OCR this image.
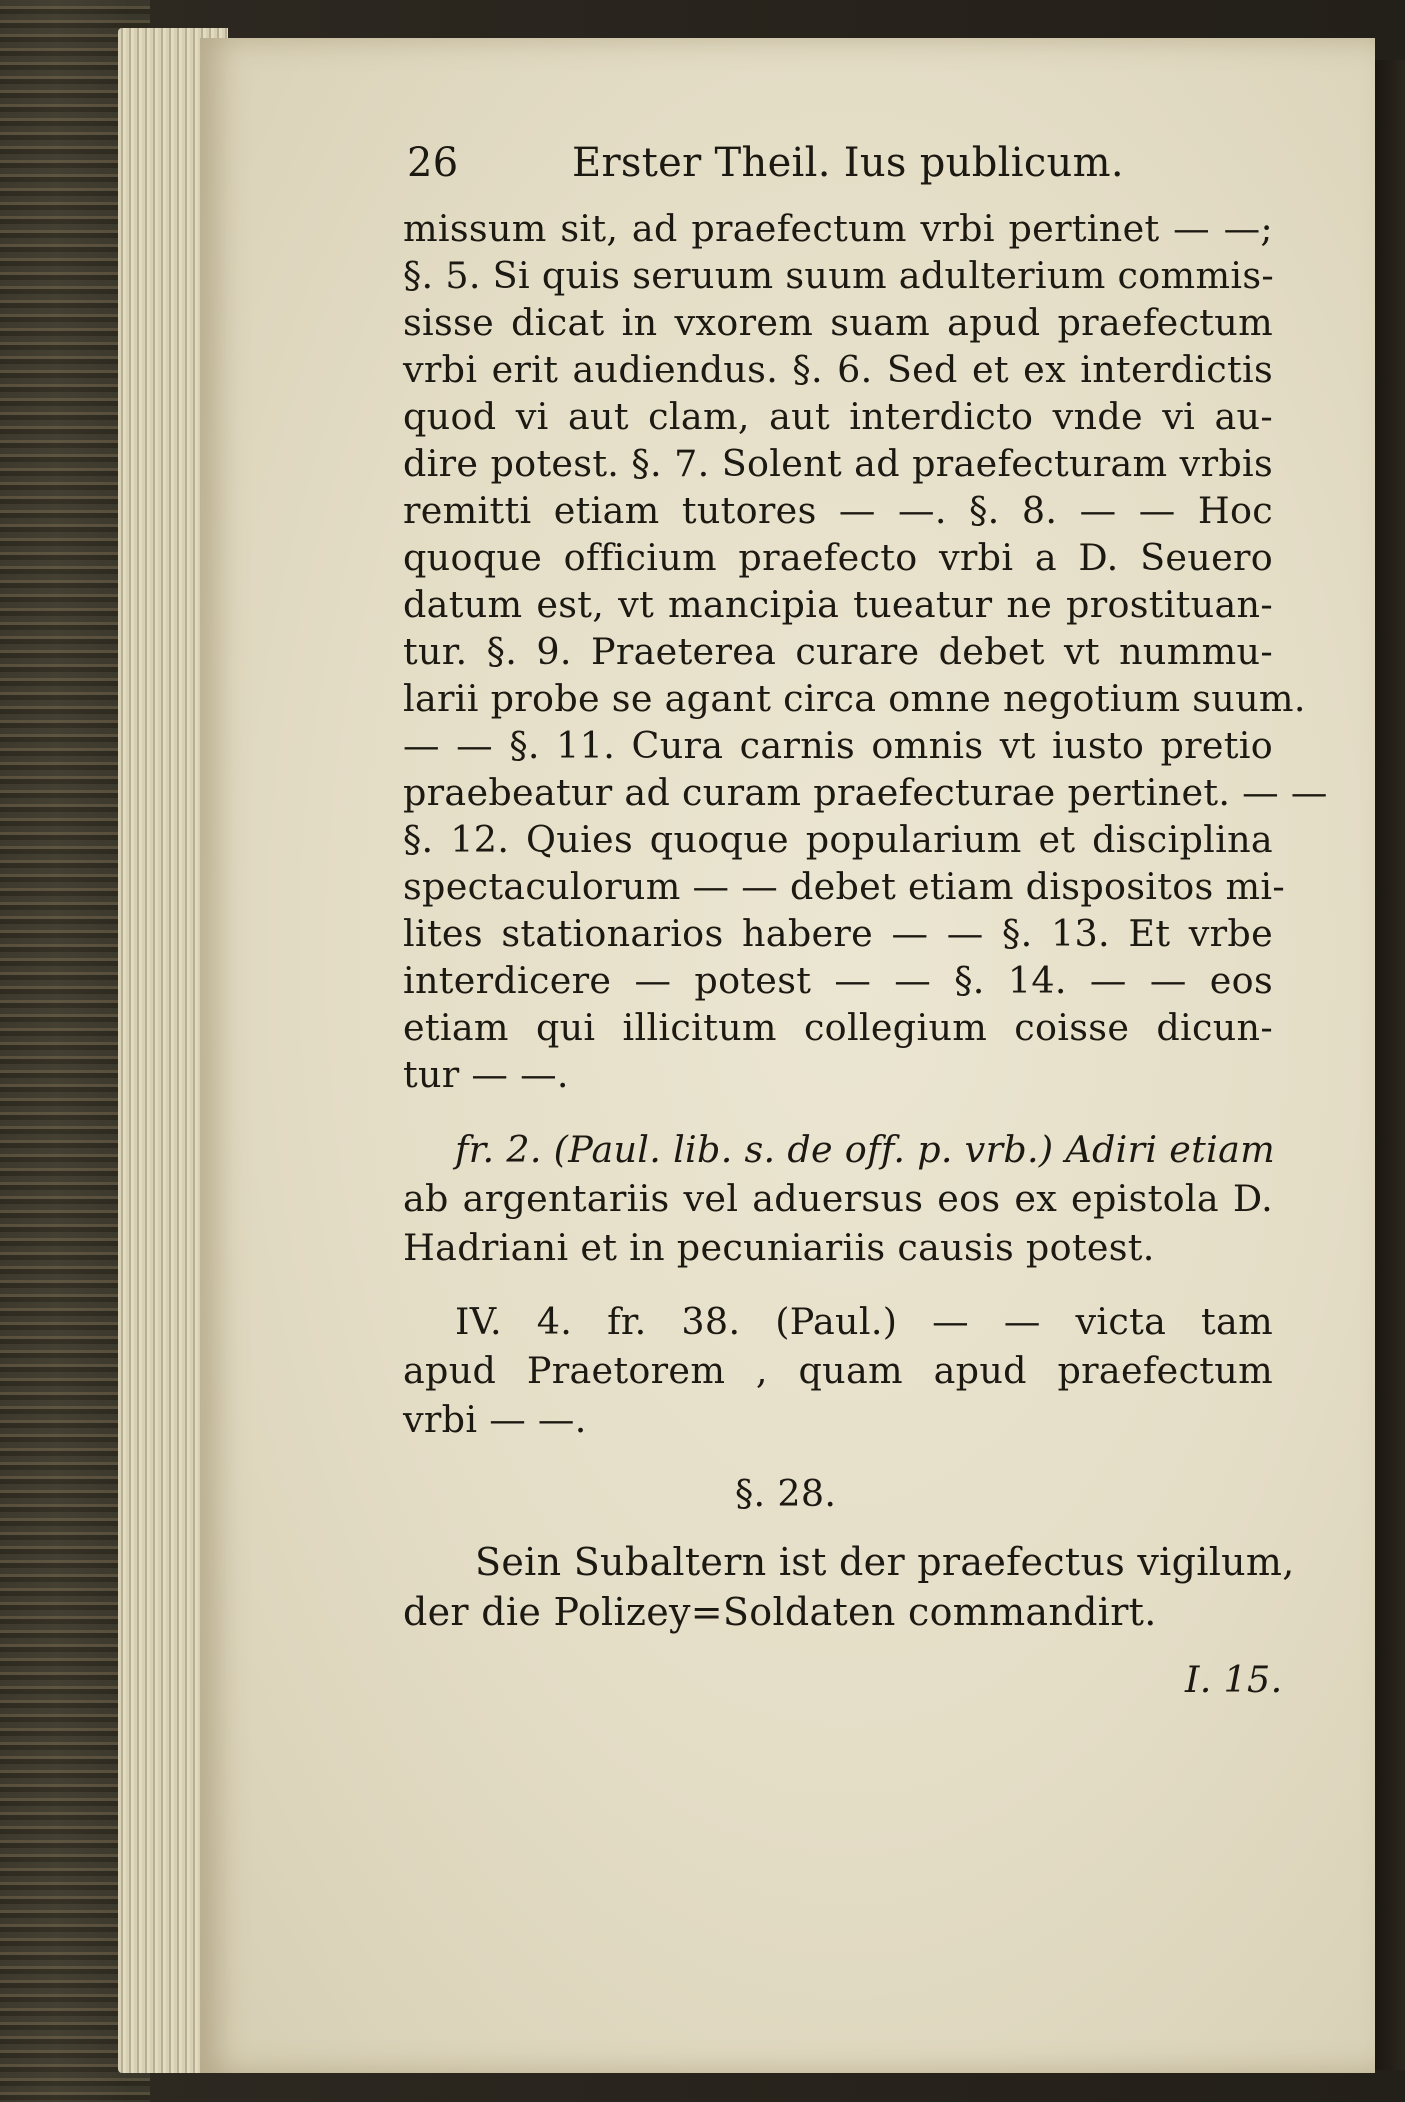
26	Erster Theil. Ius publicum.
missum sit, ad praefectum vrbi pertinet — —;
§. 5. Si quis seruum suum adulterium commis-
sisse dicat in vxorem suam apud praefectum
vrbi erit audiendus. §. 6. Sed et ex interdictis
quod vi aut clam, aut interdicto vnde vi au-
dire potest. §. 7. Solent ad praefecturam vrbis
remitti etiam tutores — —. §. 8. — — Hoc
quoque officium praefecto vrbi a D. Seuero
datum est, vt mancipia tueatur ne prostituan-
tur. §. 9. Praeterea curare debet vt nummu-
larii probe se agant circa omne negotium suum.
— — §. 11. Cura carnis omnis vt iusto pretio
praebeatur ad curam praefecturae pertinet. — —
§. 12. Quies quoque popularium et disciplina
spectaculorum — — debet etiam dispositos mi-
lites stationarios habere — — §. 13. Et vrbe
interdicere — potest — — §. 14. — — eos
etiam qui illicitum collegium coisse dicun-
tur — —.
fr. 2. (Paul. lib. s. de off. p. vrb.) Adiri etiam
ab argentariis vel aduersus eos ex epistola D.
Hadriani et in pecuniariis causis potest.
IV. 4. fr. 38. (Paul.) — — victa tam
apud Praetorem , quam apud praefectum
vrbi — —.
§. 28.
Sein Subaltern ist der praefectus vigilum,
der die Polizey=Soldaten commandirt.
I. 15.
